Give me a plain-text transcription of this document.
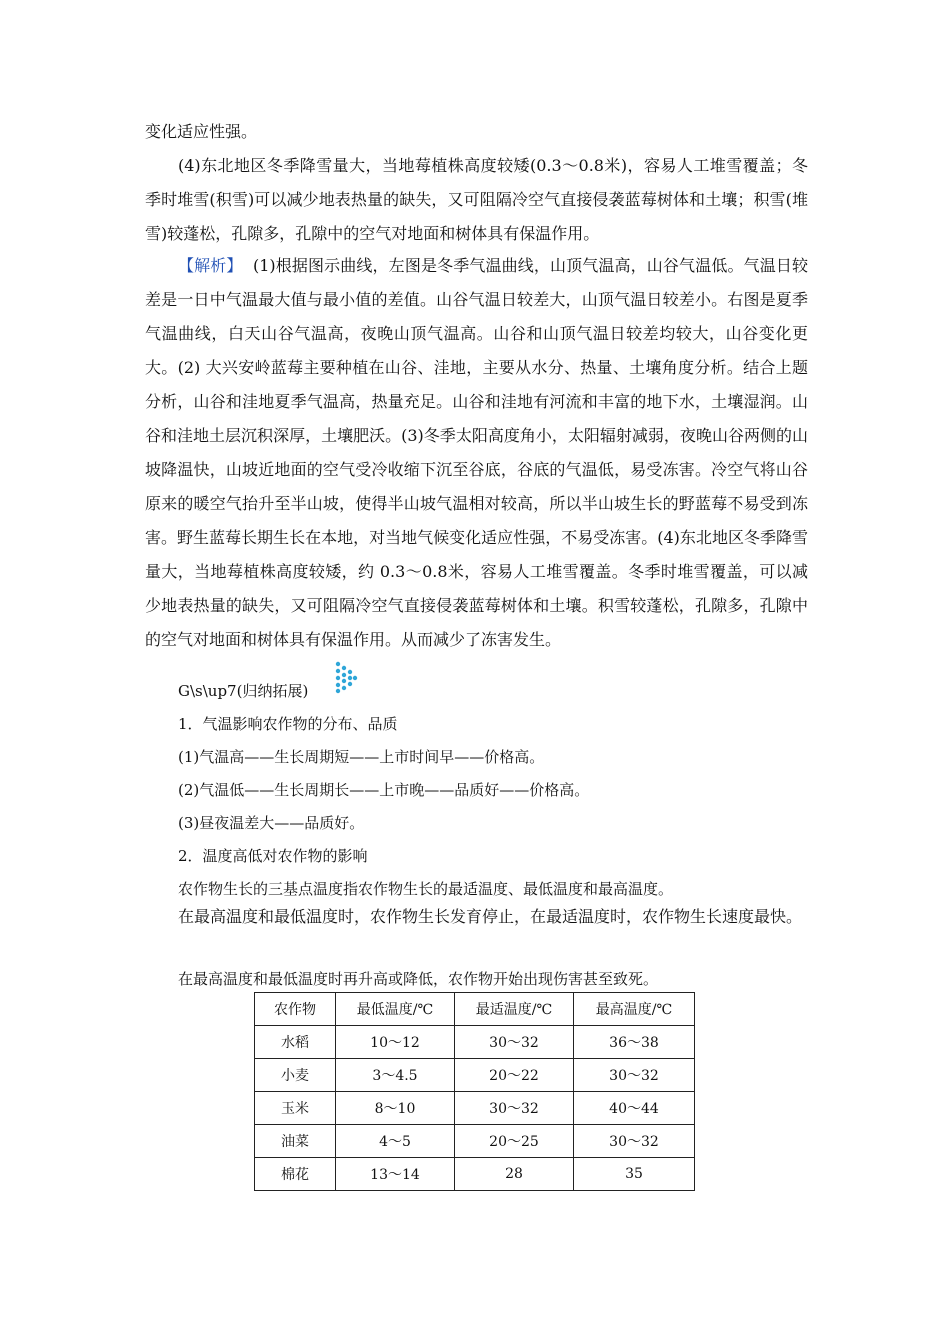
变化适应性强。

(4)东北地区冬季降雪量大，当地莓植株高度较矮(0.3～0.8米)，容易人工堆雪覆盖；冬季时堆雪(积雪)可以减少地表热量的缺失，又可阻隔冷空气直接侵袭蓝莓树体和土壤；积雪(堆雪)较蓬松，孔隙多，孔隙中的空气对地面和树体具有保温作用。

【解析】 (1)根据图示曲线，左图是冬季气温曲线，山顶气温高，山谷气温低。气温日较差是一日中气温最大值与最小值的差值。山谷气温日较差大，山顶气温日较差小。右图是夏季气温曲线，白天山谷气温高，夜晚山顶气温高。山谷和山顶气温日较差均较大，山谷变化更大。(2) 大兴安岭蓝莓主要种植在山谷、洼地，主要从水分、热量、土壤角度分析。结合上题分析，山谷和洼地夏季气温高，热量充足。山谷和洼地有河流和丰富的地下水，土壤湿润。山谷和洼地土层沉积深厚，土壤肥沃。(3)冬季太阳高度角小，太阳辐射减弱，夜晚山谷两侧的山坡降温快，山坡近地面的空气受冷收缩下沉至谷底，谷底的气温低，易受冻害。冷空气将山谷原来的暖空气抬升至半山坡，使得半山坡气温相对较高，所以半山坡生长的野蓝莓不易受到冻害。野生蓝莓长期生长在本地，对当地气候变化适应性强，不易受冻害。(4)东北地区冬季降雪量大，当地莓植株高度较矮，约 0.3～0.8米，容易人工堆雪覆盖。冬季时堆雪覆盖，可以减少地表热量的缺失，又可阻隔冷空气直接侵袭蓝莓树体和土壤。积雪较蓬松，孔隙多，孔隙中的空气对地面和树体具有保温作用。从而减少了冻害发生。

G\s\up7(归纳拓展)

1．气温影响农作物的分布、品质

(1)气温高——生长周期短——上市时间早——价格高。

(2)气温低——生长周期长——上市晚——品质好——价格高。

(3)昼夜温差大——品质好。

2．温度高低对农作物的影响

农作物生长的三基点温度指农作物生长的最适温度、最低温度和最高温度。

在最高温度和最低温度时，农作物生长发育停止，在最适温度时，农作物生长速度最快。

在最高温度和最低温度时再升高或降低，农作物开始出现伤害甚至致死。

农作物	最低温度/℃	最适温度/℃	最高温度/℃
水稻	10～12	30～32	36～38
小麦	3～4.5	20～22	30～32
玉米	8～10	30～32	40～44
油菜	4～5	20～25	30～32
棉花	13～14	28	35
